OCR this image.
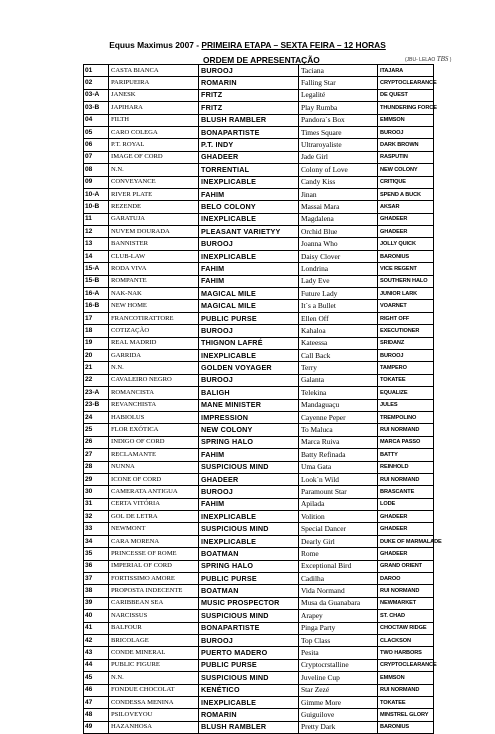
Equus Maximus 2007 - PRIMEIRA ETAPA – SEXTA FEIRA – 12 HORAS
ORDEM DE APRESENTAÇÃO	(JBU- LELAO TBS )
01	CASTA BIANCA	BUROOJ	Taciana	ITAJARA
02	PARIPUEIRA	ROMARIN	Falling Star	CRYPTOCLEARANCE
03-A	JANESK	FRITZ	Legalité	DE QUEST
03-B	JAPIHARA	FRITZ	Play Rumba	THUNDERING FORCE
04	FILTH	BLUSH RAMBLER	Pandora`s Box	EMMSON
05	CARO COLEGA	BONAPARTISTE	Times Square	BUROOJ
06	P.T. ROYAL	P.T. INDY	Ultraroyaliste	DARK BROWN
07	IMAGE OF CORD	GHADEER	Jade Girl	RASPUTIN
08	N.N.	TORRENTIAL	Colony of Love	NEW COLONY
09	CONVEYANCE	INEXPLICABLE	Candy Kiss	CRITIQUE
10-A	RIVER PLATE	FAHIM	Jinan	SPEND A BUCK
10-B	REZENDE	BELO COLONY	Massai Mara	AKSAR
11	GARATUJA	INEXPLICABLE	Magdalena	GHADEER
12	NUVEM DOURADA	PLEASANT VARIETYY	Orchid Blue	GHADEER
13	BANNISTER	BUROOJ	Joanna Who	JOLLY QUICK
14	CLUB-LAW	INEXPLICABLE	Daisy Clover	BARONIUS
15-A	RODA VIVA	FAHIM	Londrina	VICE REGENT
15-B	ROMPANTE	FAHIM	Lady Eve	SOUTHERN HALO
16-A	NAK-NAK	MAGICAL MILE	Future Lady	JUNIOR LARK
16-B	NEW HOME	MAGICAL MILE	It`s a Bullet	VOARNET
17	FRANCOTIRATTORE	PUBLIC PURSE	Ellen Off	RIGHT OFF
18	COTIZAÇÃO	BUROOJ	Kahaloa	EXECUTIONER
19	REAL MADRID	THIGNON LAFRÉ	Kateessa	SRIDANZ
20	GARRIDA	INEXPLICABLE	Call Back	BUROOJ
21	N.N.	GOLDEN VOYAGER	Terry	TAMPERO
22	CAVALEIRO NEGRO	BUROOJ	Galanta	TOKATEE
23-A	ROMANCISTA	BALIGH	Telekina	EQUALIZE
23-B	REVANCHISTA	MANE MINISTER	Mandaguaçu	JULES
24	HABIOLUS	IMPRESSION	Cayenne Peper	TREMPOLINO
25	FLOR EXÓTICA	NEW COLONY	To Maluca	RUI NORMAND
26	INDIGO OF CORD	SPRING HALO	Marca Ruiva	MARCA PASSO
27	RECLAMANTE	FAHIM	Batty Refinada	BATTY
28	NUNNA	SUSPICIOUS MIND	Uma Gata	REINHOLD
29	ICONE OF CORD	GHADEER	Look`n Wild	RUI NORMAND
30	CAMERATA ANTIGUA	BUROOJ	Paramount Star	BRASCANTE
31	CERTA VITÓRIA	FAHIM	Apilada	LODE
32	GOL DE LETRA	INEXPLICABLE	Volition	GHADEER
33	NEWMONT	SUSPICIOUS MIND	Special Dancer	GHADEER
34	CARA MORENA	INEXPLICABLE	Dearly Girl	DUKE OF MARMALADE
35	PRINCESSE OF ROME	BOATMAN	Rome	GHADEER
36	IMPERIAL OF CORD	SPRING HALO	Exceptional Bird	GRAND ORIENT
37	FORTISSIMO AMORE	PUBLIC PURSE	Cadilha	DAROO
38	PROPOSTA INDECENTE	BOATMAN	Vida Normand	RUI NORMAND
39	CARIBBEAN SEA	MUSIC PROSPECTOR	Musa da Guanabara	NEWMARKET
40	NARCISSUS	SUSPICIOUS MIND	Arapey	ST. CHAD
41	BALFOUR	BONAPARTISTE	Pinga Party	CHOCTAW RIDGE
42	BRICOLAGE	BUROOJ	Top Class	CLACKSON
43	CONDE MINERAL	PUERTO MADERO	Pesita	TWO HARBORS
44	PUBLIC FIGURE	PUBLIC PURSE	Cryptocrstalline	CRYPTOCLEARANCE
45	N.N.	SUSPICIOUS MIND	Juveline Cup	EMMSON
46	FONDUE CHOCOLAT	KENÉTICO	Star Zezé	RUI NORMAND
47	CONDESSA MENINA	INEXPLICABLE	Gimme More	TOKATEE
48	PSILOVEYOU	ROMARIN	Guiguilove	MINSTREL GLORY
49	HAZANHOSA	BLUSH RAMBLER	Pretty Dark	BARONIUS
